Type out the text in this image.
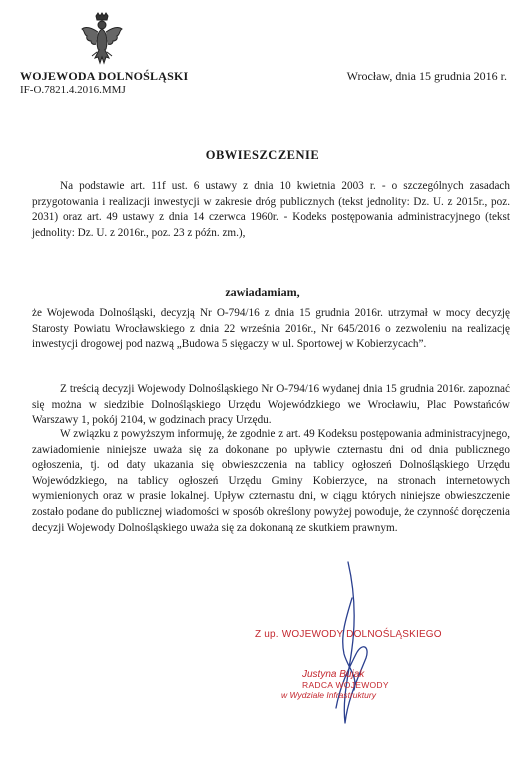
WOJEWODA DOLNOŚLĄSKI
IF-O.7821.4.2016.MMJ
Wrocław, dnia 15 grudnia 2016 r.
OBWIESZCZENIE

Na podstawie art. 11f ust. 6 ustawy z dnia 10 kwietnia 2003 r. - o szczególnych zasadach przygotowania i realizacji inwestycji w zakresie dróg publicznych (tekst jednolity: Dz. U. z 2015r., poz. 2031) oraz art. 49 ustawy z dnia 14 czerwca 1960r. - Kodeks postępowania administracyjnego (tekst jednolity: Dz. U. z 2016r., poz. 23 z późn. zm.),

zawiadamiam,

że Wojewoda Dolnośląski, decyzją Nr O-794/16 z dnia 15 grudnia 2016r. utrzymał w mocy decyzję Starosty Powiatu Wrocławskiego z dnia 22 września 2016r., Nr 645/2016 o zezwoleniu na realizację inwestycji drogowej pod nazwą „Budowa 5 sięgaczy w ul. Sportowej w Kobierzycach”.

Z treścią decyzji Wojewody Dolnośląskiego Nr O-794/16 wydanej dnia 15 grudnia 2016r. zapoznać się można w siedzibie Dolnośląskiego Urzędu Wojewódzkiego we Wrocławiu, Plac Powstańców Warszawy 1, pokój 2104, w godzinach pracy Urzędu.

W związku z powyższym informuję, że zgodnie z art. 49 Kodeksu postępowania administracyjnego, zawiadomienie niniejsze uważa się za dokonane po upływie czternastu dni od dnia publicznego ogłoszenia, tj. od daty ukazania się obwieszczenia na tablicy ogłoszeń Dolnośląskiego Urzędu Wojewódzkiego, na tablicy ogłoszeń Urzędu Gminy Kobierzyce, na stronach internetowych wymienionych oraz w prasie lokalnej. Upływ czternastu dni, w ciągu których niniejsze obwieszczenie zostało podane do publicznej wiadomości w sposób określony powyżej powoduje, że czynność doręczenia decyzji Wojewody Dolnośląskiego uważa się za dokonaną ze skutkiem prawnym.

Z up. WOJEWODY DOLNOŚLĄSKIEGO
Justyna Bujak
RADCA WOJEWODY
w Wydziale Infrastruktury
